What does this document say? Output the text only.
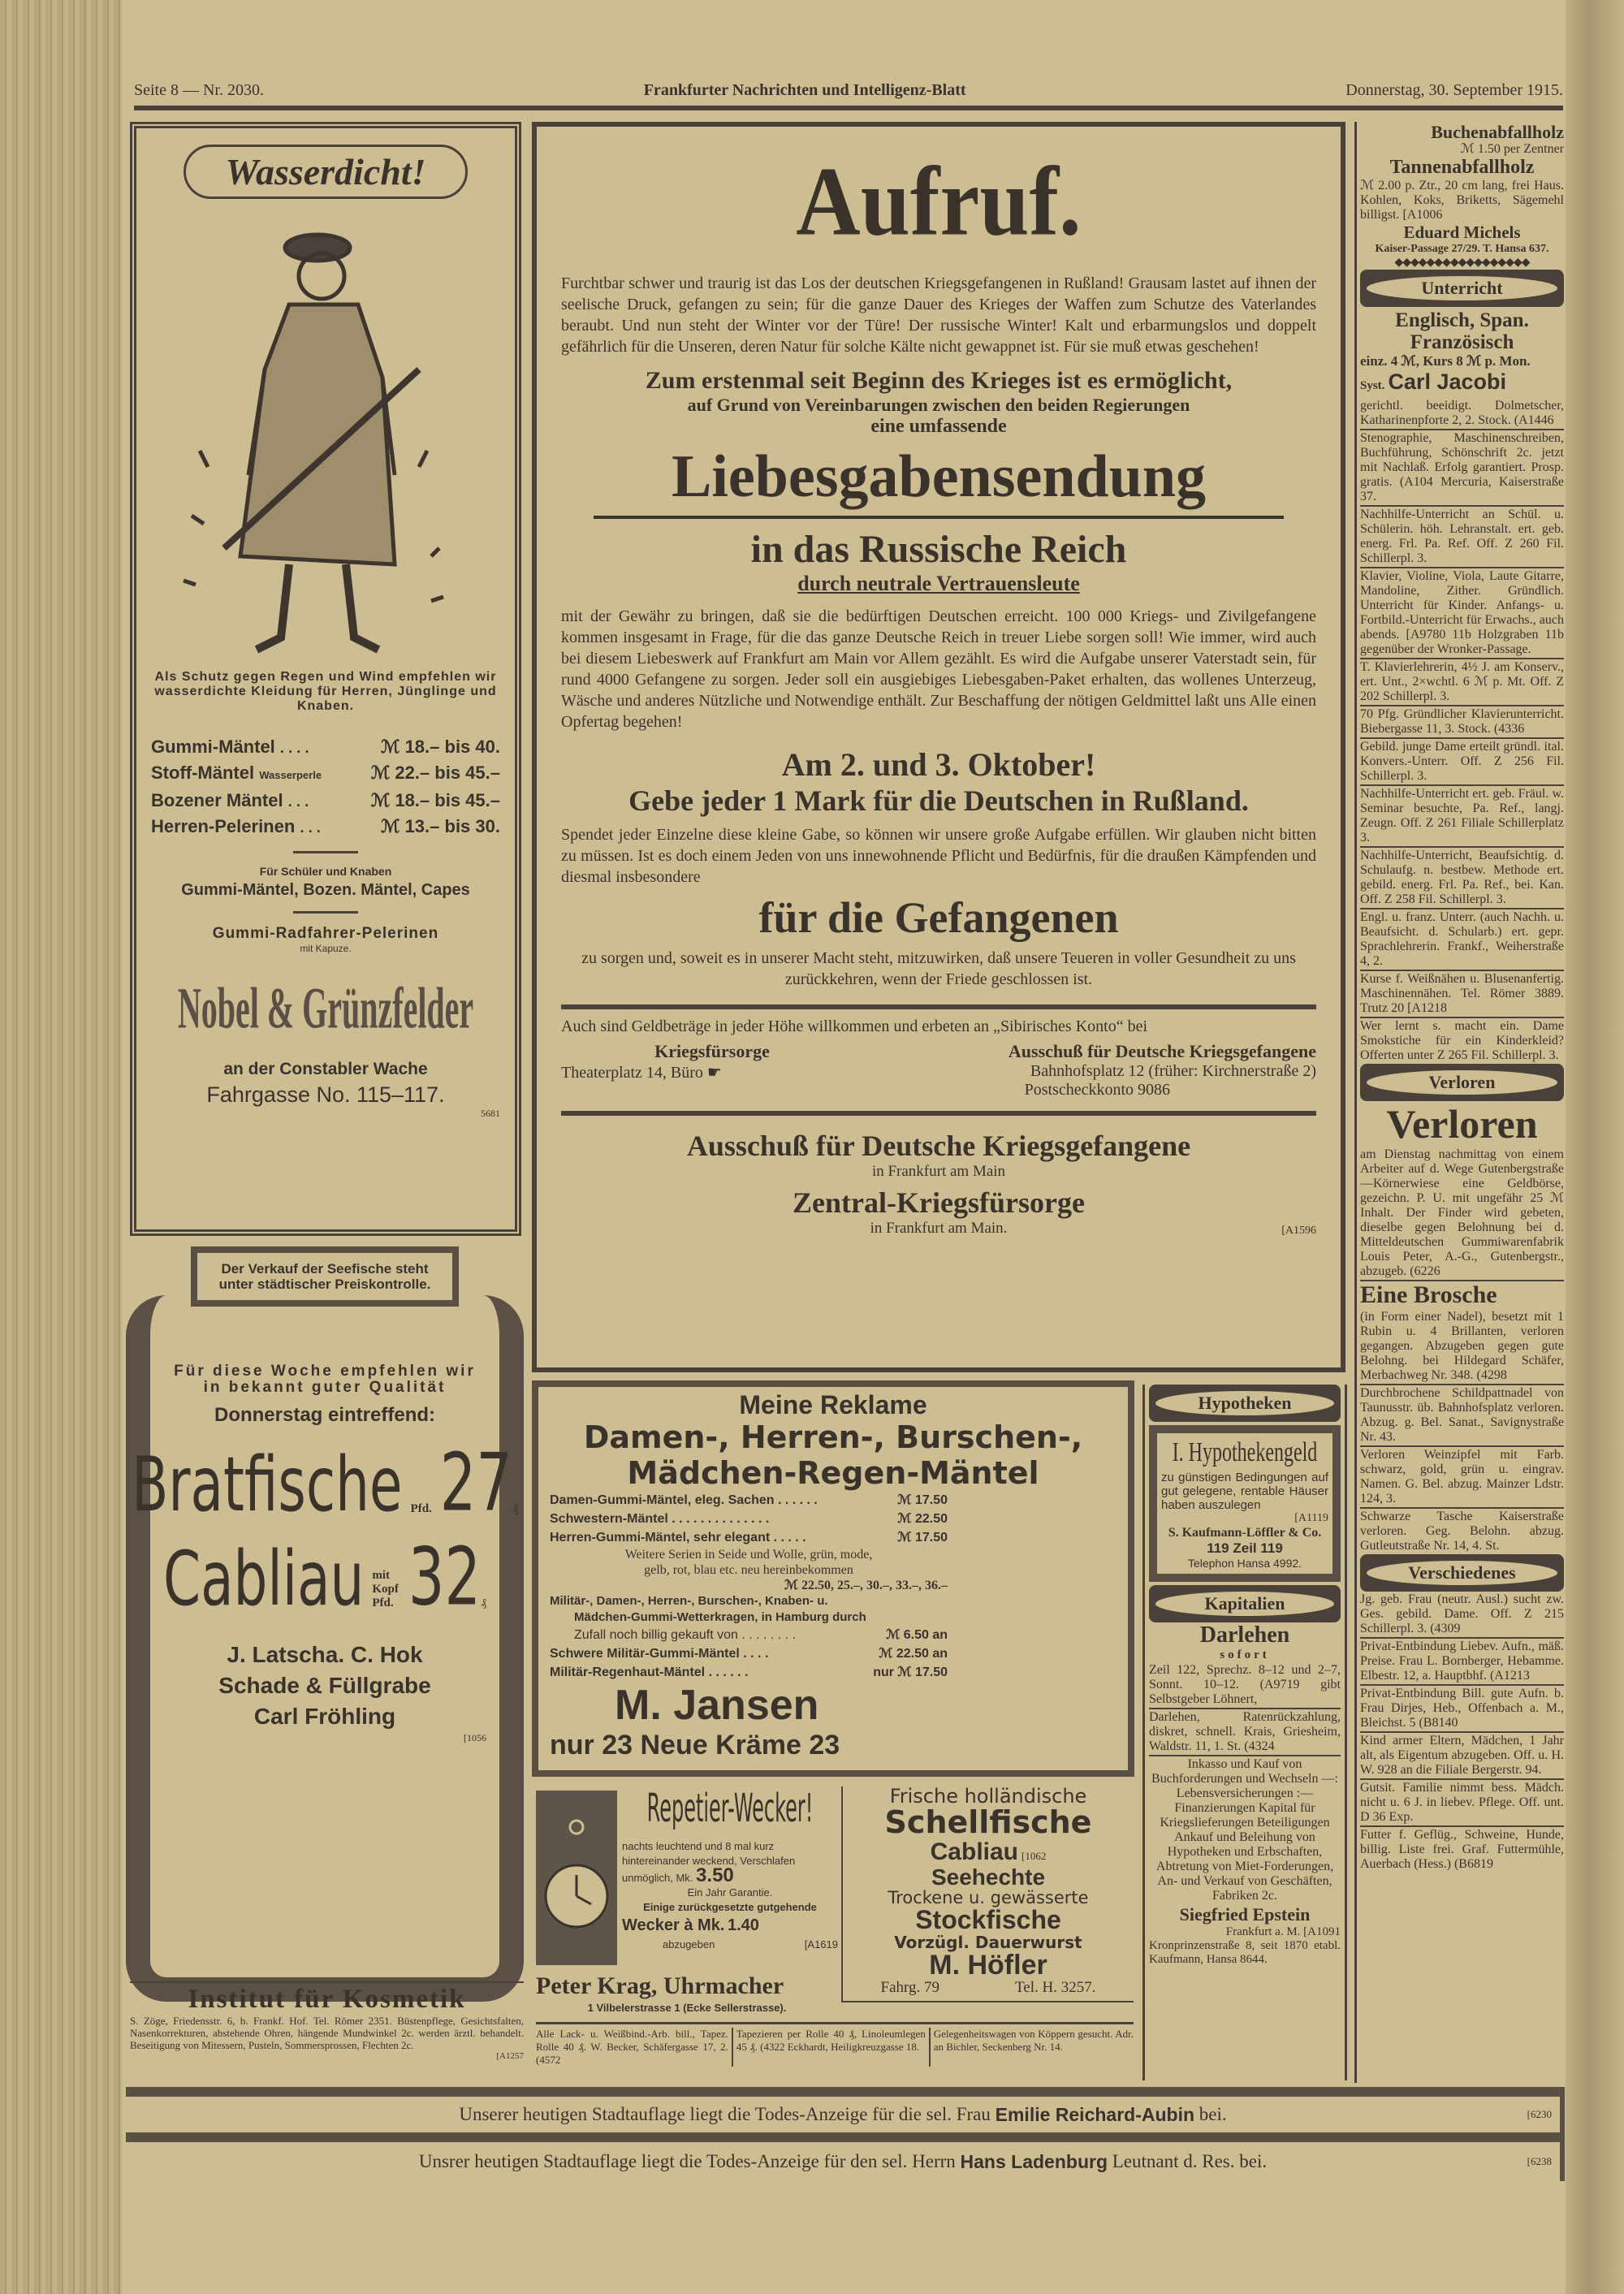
Seite 8 — Nr. 2030.	Frankfurter Nachrichten und Intelligenz-Blatt	Donnerstag, 30. September 1915.
Wasserdicht!
Als Schutz gegen Regen und Wind empfehlen wir wasserdichte Kleidung für Herren, Jünglinge und Knaben.
Gummi-Mäntel . . . .	ℳ 18.– bis 40.
Stoff-Mäntel Wasserperle	ℳ 22.– bis 45.–
Bozener Mäntel . . .	ℳ 18.– bis 45.–
Herren-Pelerinen . . .	ℳ 13.– bis 30.
Für Schüler und Knaben
Gummi-Mäntel, Bozen. Mäntel, Capes
Gummi-Radfahrer-Pelerinen
mit Kapuze.
Nobel & Grünzfelder
an der Constabler Wache
Fahrgasse No. 115–117.
5681
Der Verkauf der Seefische steht unter städtischer Preiskontrolle.
Für diese Woche empfehlen wir in bekannt guter Qualität
Donnerstag eintreffend:
Bratfische Pfd. 27 ₰
Cabliau mit Kopf Pfd. 32 ₰
J. Latscha. C. Hok
Schade & Füllgrabe
Carl Fröhling
[1056
Institut für Kosmetik
S. Zöge, Friedensstr. 6, b. Frankf. Hof. Tel. Römer 2351. Büstenpflege, Gesichtsfalten, Nasenkorrekturen, abstehende Ohren, hängende Mundwinkel 2c. werden ärztl. behandelt. Beseitigung von Mitessern, Pusteln, Sommersprossen, Flechten 2c.
[A1257
Aufruf.
Furchtbar schwer und traurig ist das Los der deutschen Kriegsgefangenen in Rußland! Grausam lastet auf ihnen der seelische Druck, gefangen zu sein; für die ganze Dauer des Krieges der Waffen zum Schutze des Vaterlandes beraubt. Und nun steht der Winter vor der Türe! Der russische Winter! Kalt und erbarmungslos und doppelt gefährlich für die Unseren, deren Natur für solche Kälte nicht gewappnet ist. Für sie muß etwas geschehen!
Zum erstenmal seit Beginn des Krieges ist es ermöglicht,
auf Grund von Vereinbarungen zwischen den beiden Regierungen
eine umfassende
Liebesgabensendung
in das Russische Reich
durch neutrale Vertrauensleute
mit der Gewähr zu bringen, daß sie die bedürftigen Deutschen erreicht. 100 000 Kriegs- und Zivilgefangene kommen insgesamt in Frage, für die das ganze Deutsche Reich in treuer Liebe sorgen soll! Wie immer, wird auch bei diesem Liebeswerk auf Frankfurt am Main vor Allem gezählt. Es wird die Aufgabe unserer Vaterstadt sein, für rund 4000 Gefangene zu sorgen. Jeder soll ein ausgiebiges Liebesgaben-Paket erhalten, das wollenes Unterzeug, Wäsche und anderes Nützliche und Notwendige enthält. Zur Beschaffung der nötigen Geldmittel laßt uns Alle einen Opfertag begehen!
Am 2. und 3. Oktober!
Gebe jeder 1 Mark für die Deutschen in Rußland.
Spendet jeder Einzelne diese kleine Gabe, so können wir unsere große Aufgabe erfüllen. Wir glauben nicht bitten zu müssen. Ist es doch einem Jeden von uns innewohnende Pflicht und Bedürfnis, für die draußen Kämpfenden und diesmal insbesondere
für die Gefangenen
zu sorgen und, soweit es in unserer Macht steht, mitzuwirken, daß unsere Teueren in voller Gesundheit zu uns zurückkehren, wenn der Friede geschlossen ist.
Auch sind Geldbeträge in jeder Höhe willkommen und erbeten an „Sibirisches Konto“ bei
Kriegsfürsorge
Theaterplatz 14, Büro ☛
Ausschuß für Deutsche Kriegsgefangene
Bahnhofsplatz 12 (früher: Kirchnerstraße 2)
Postscheckkonto 9086
Ausschuß für Deutsche Kriegsgefangene
in Frankfurt am Main
Zentral-Kriegsfürsorge
in Frankfurt am Main.	[A1596
Meine Reklame
Damen-, Herren-, Burschen-,
Mädchen-Regen-Mäntel
Damen-Gummi-Mäntel, eleg. Sachen . . . . . .	ℳ 17.50
Schwestern-Mäntel . . . . . . . . . . . . . .	ℳ 22.50
Herren-Gummi-Mäntel, sehr elegant . . . . .	ℳ 17.50
Weitere Serien in Seide und Wolle, grün, mode,
gelb, rot, blau etc. neu hereinbekommen
ℳ 22.50, 25.–, 30.–, 33.–, 36.–
Militär-, Damen-, Herren-, Burschen-, Knaben- u.
Mädchen-Gummi-Wetterkragen, in Hamburg durch
Zufall noch billig gekauft von . . . . . . . .	ℳ 6.50 an
Schwere Militär-Gummi-Mäntel . . . .	ℳ 22.50 an
Militär-Regenhaut-Mäntel . . . . . .	nur ℳ 17.50
M. Jansen
nur 23 Neue Kräme 23
Hypotheken
I. Hypothekengeld
zu günstigen Bedingungen auf gut gelegene, rentable Häuser haben auszulegen
[A1119
S. Kaufmann-Löffler & Co.
119 Zeil 119
Telephon Hansa 4992.
Kapitalien
Darlehen
sofort

Zeil 122, Sprechz. 8–12 und 2–7, Sonnt. 10–12. (A9719 gibt Selbstgeber Löhnert,

Darlehen, Ratenrückzahlung, diskret, schnell. Krais, Griesheim, Waldstr. 11, 1. St. (4324

Inkasso und Kauf von Buchforderungen und Wechseln —: Lebensversicherungen :— Finanzierungen Kapital für Kriegslieferungen Beteiligungen Ankauf und Beleihung von Hypotheken und Erbschaften, Abtretung von Miet-Forderungen, An- und Verkauf von Geschäften, Fabriken 2c.

Siegfried Epstein
Frankfurt a. M. [A1091
Kronprinzenstraße 8, seit 1870 etabl. Kaufmann, Hansa 8644.
Repetier-Wecker!
nachts leuchtend und 8 mal kurz hintereinander weckend, Verschlafen unmöglich, Mk. 3.50
Ein Jahr Garantie.
Einige zurückgesetzte gutgehende
Wecker à Mk. 1.40
abzugeben	[A1619
Peter Krag, Uhrmacher
1 Vilbelerstrasse 1 (Ecke Sellerstrasse).
Frische holländische
Schellfische
Cabliau [1062
Seehechte
Trockene u. gewässerte
Stockfische
Vorzügl. Dauerwurst
M. Höfler
Fahrg. 79	Tel. H. 3257.
Alle Lack- u. Weißbind.-Arb. bill., Tapez. Rolle 40 ₰. W. Becker, Schäfergasse 17, 2. (4572
Tapezieren per Rolle 40 ₰, Linoleumlegen 45 ₰. (4322 Eckhardt, Heiligkreuzgasse 18.
Gelegenheitswagen von Köppern gesucht. Adr. an Bichler, Seckenberg Nr. 14.
Buchenabfallholz
ℳ 1.50 per Zentner
Tannenabfallholz
ℳ 2.00 p. Ztr., 20 cm lang, frei Haus. Kohlen, Koks, Briketts, Sägemehl billigst. [A1006
Eduard Michels
Kaiser-Passage 27/29. T. Hansa 637.
◆◆◆◆◆◆◆◆◆◆◆◆◆◆◆◆◆
Unterricht
Englisch, Span. Französisch
einz. 4 ℳ, Kurs 8 ℳ p. Mon.
Syst. Carl Jacobi

gerichtl. beeidigt. Dolmetscher, Katharinenpforte 2, 2. Stock. (A1446

Stenographie, Maschinenschreiben, Buchführung, Schönschrift 2c. jetzt mit Nachlaß. Erfolg garantiert. Prosp. gratis. (A104 Mercuria, Kaiserstraße 37.

Nachhilfe-Unterricht an Schül. u. Schülerin. höh. Lehranstalt. ert. geb. energ. Frl. Pa. Ref. Off. Z 260 Fil. Schillerpl. 3.

Klavier, Violine, Viola, Laute Gitarre, Mandoline, Zither. Gründlich. Unterricht für Kinder. Anfangs- u. Fortbild.-Unterricht für Erwachs., auch abends. [A9780 11b Holzgraben 11b gegenüber der Wronker-Passage.

T. Klavierlehrerin, 4½ J. am Konserv., ert. Unt., 2×wchtl. 6 ℳ p. Mt. Off. Z 202 Schillerpl. 3.

70 Pfg. Gründlicher Klavierunterricht. Biebergasse 11, 3. Stock. (4336

Gebild. junge Dame erteilt gründl. ital. Konvers.-Unterr. Off. Z 256 Fil. Schillerpl. 3.

Nachhilfe-Unterricht ert. geb. Fräul. w. Seminar besuchte, Pa. Ref., langj. Zeugn. Off. Z 261 Filiale Schillerplatz 3.

Nachhilfe-Unterricht, Beaufsichtig. d. Schulaufg. n. bestbew. Methode ert. gebild. energ. Frl. Pa. Ref., bei. Kan. Off. Z 258 Fil. Schillerpl. 3.

Engl. u. franz. Unterr. (auch Nachh. u. Beaufsicht. d. Schularb.) ert. gepr. Sprachlehrerin. Frankf., Weiherstraße 4, 2.

Kurse f. Weißnähen u. Blusenanfertig. Maschinennähen. Tel. Römer 3889. Trutz 20 [A1218

Wer lernt s. macht ein. Dame Smokstiche für ein Kinderkleid? Offerten unter Z 265 Fil. Schillerpl. 3.

Verloren
Verloren

am Dienstag nachmittag von einem Arbeiter auf d. Wege Gutenbergstraße—Körnerwiese eine Geldbörse, gezeichn. P. U. mit ungefähr 25 ℳ Inhalt. Der Finder wird gebeten, dieselbe gegen Belohnung bei d. Mitteldeutschen Gummiwarenfabrik Louis Peter, A.-G., Gutenbergstr., abzugeb. (6226

Eine Brosche

(in Form einer Nadel), besetzt mit 1 Rubin u. 4 Brillanten, verloren gegangen. Abzugeben gegen gute Belohng. bei Hildegard Schäfer, Merbachweg Nr. 348. (4298

Durchbrochene Schildpattnadel von Taunusstr. üb. Bahnhofsplatz verloren. Abzug. g. Bel. Sanat., Savignystraße Nr. 43.

Verloren Weinzipfel mit Farb. schwarz, gold, grün u. eingrav. Namen. G. Bel. abzug. Mainzer Ldstr. 124, 3.

Schwarze Tasche Kaiserstraße verloren. Geg. Belohn. abzug. Gutleutstraße Nr. 14, 4. St.

Verschiedenes

Jg. geb. Frau (neutr. Ausl.) sucht zw. Ges. gebild. Dame. Off. Z 215 Schillerpl. 3. (4309

Privat-Entbindung Liebev. Aufn., mäß. Preise. Frau L. Bornberger, Hebamme. Elbestr. 12, a. Hauptbhf. (A1213

Privat-Entbindung Bill. gute Aufn. b. Frau Dirjes, Heb., Offenbach a. M., Bleichst. 5 (B8140

Kind armer Eltern, Mädchen, 1 Jahr alt, als Eigentum abzugeben. Off. u. H. W. 928 an die Filiale Bergerstr. 94.

Gutsit. Familie nimmt bess. Mädch. nicht u. 6 J. in liebev. Pflege. Off. unt. D 36 Exp.

Futter f. Geflüg., Schweine, Hunde, billig. Liste frei. Graf. Futtermühle, Auerbach (Hess.) (B6819

Unserer heutigen Stadtauflage liegt die Todes-Anzeige für die sel. Frau
Emilie Reichard-Aubin
bei.	[6230
Unsrer heutigen Stadtauflage liegt die Todes-Anzeige für den sel. Herrn
Hans Ladenburg
Leutnant d. Res. bei.	[6238
